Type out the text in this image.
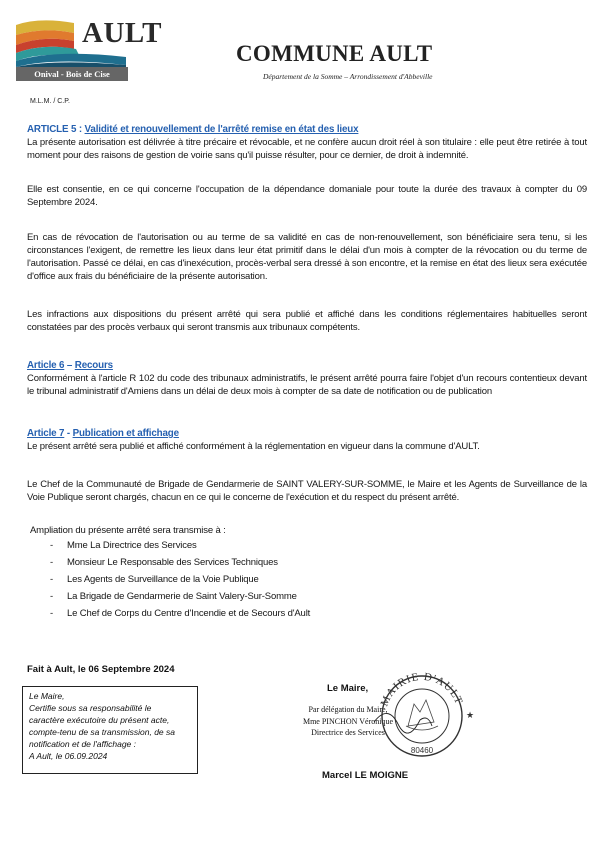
AULT
Onival - Bois de Cise
COMMUNE AULT
Département de la Somme – Arrondissement d'Abbeville
M.L.M. / C.P.
ARTICLE 5 : Validité et renouvellement de l'arrêté remise en état des lieux

La présente autorisation est délivrée à titre précaire et révocable, et ne confère aucun droit réel à son titulaire : elle peut être retirée à tout moment pour des raisons de gestion de voirie sans qu'il puisse résulter, pour ce dernier, de droit à indemnité.

Elle est consentie, en ce qui concerne l'occupation de la dépendance domaniale pour toute la durée des travaux à compter du 09 Septembre 2024.

En cas de révocation de l'autorisation ou au terme de sa validité en cas de non-renouvellement, son bénéficiaire sera tenu, si les circonstances l'exigent, de remettre les lieux dans leur état primitif dans le délai d'un mois à compter de la révocation ou du terme de l'autorisation. Passé ce délai, en cas d'inexécution, procès-verbal sera dressé à son encontre, et la remise en état des lieux sera exécutée d'office aux frais du bénéficiaire de la présente autorisation.

Les infractions aux dispositions du présent arrêté qui sera publié et affiché dans les conditions réglementaires habituelles seront constatées par des procès verbaux qui seront transmis aux tribunaux compétents.

Article 6 – Recours

Conformément à l'article R 102 du code des tribunaux administratifs, le présent arrêté pourra faire l'objet d'un recours contentieux devant le tribunal administratif d'Amiens dans un délai de deux mois à compter de sa date de notification ou de publication

Article 7 - Publication et affichage

Le présent arrêté sera publié et affiché conformément à la réglementation en vigueur dans la commune d'AULT.

Le Chef de la Communauté de Brigade de Gendarmerie de SAINT VALERY-SUR-SOMME, le Maire et les Agents de Surveillance de la Voie Publique seront chargés, chacun en ce qui le concerne de l'exécution et du respect du présent arrêté.

Ampliation du présente arrêté sera transmise à :

- Mme La Directrice des Services
- Monsieur Le Responsable des Services Techniques
- Les Agents de Surveillance de la Voie Publique
- La Brigade de Gendarmerie de Saint Valery-Sur-Somme
- Le Chef de Corps du Centre d'Incendie et de Secours d'Ault
Fait à Ault, le 06 Septembre 2024
Le Maire,
Certifie sous sa responsabilité le
caractère exécutoire du présent acte,
compte-tenu de sa transmission, de sa
notification et de l'affichage :
A Ault, le 06.09.2024
Le Maire,
Par délégation du Maire,
Mme PINCHON Véronique
Directrice des Services
MAIRIE D'AULT
80460
★
Marcel LE MOIGNE
